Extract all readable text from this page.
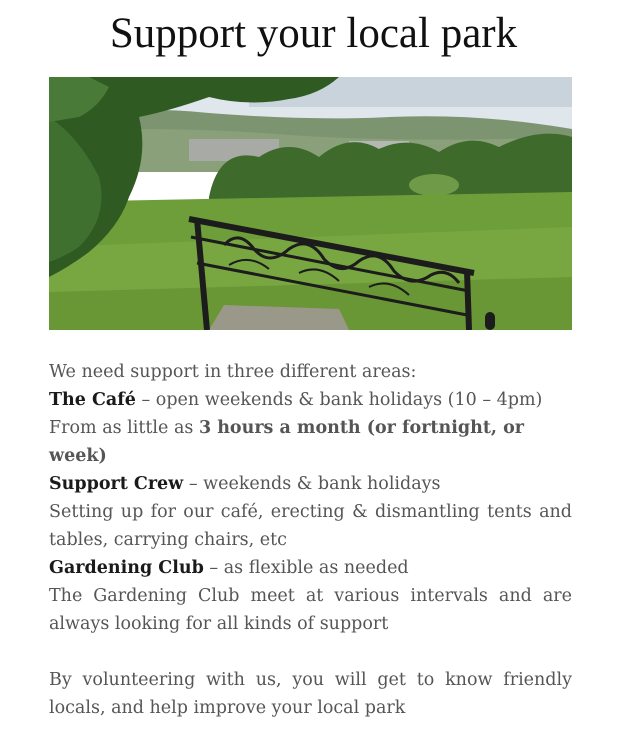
Support your local park

We need support in three different areas:

The Café – open weekends & bank holidays (10 – 4pm)

From as little as 3 hours a month (or fortnight, or week)

Support Crew – weekends & bank holidays

Setting up for our café, erecting & dismantling tents and tables, carrying chairs, etc

Gardening Club – as flexible as needed

The Gardening Club meet at various intervals and are always looking for all kinds of support

By volunteering with us, you will get to know friendly locals, and help improve your local park
